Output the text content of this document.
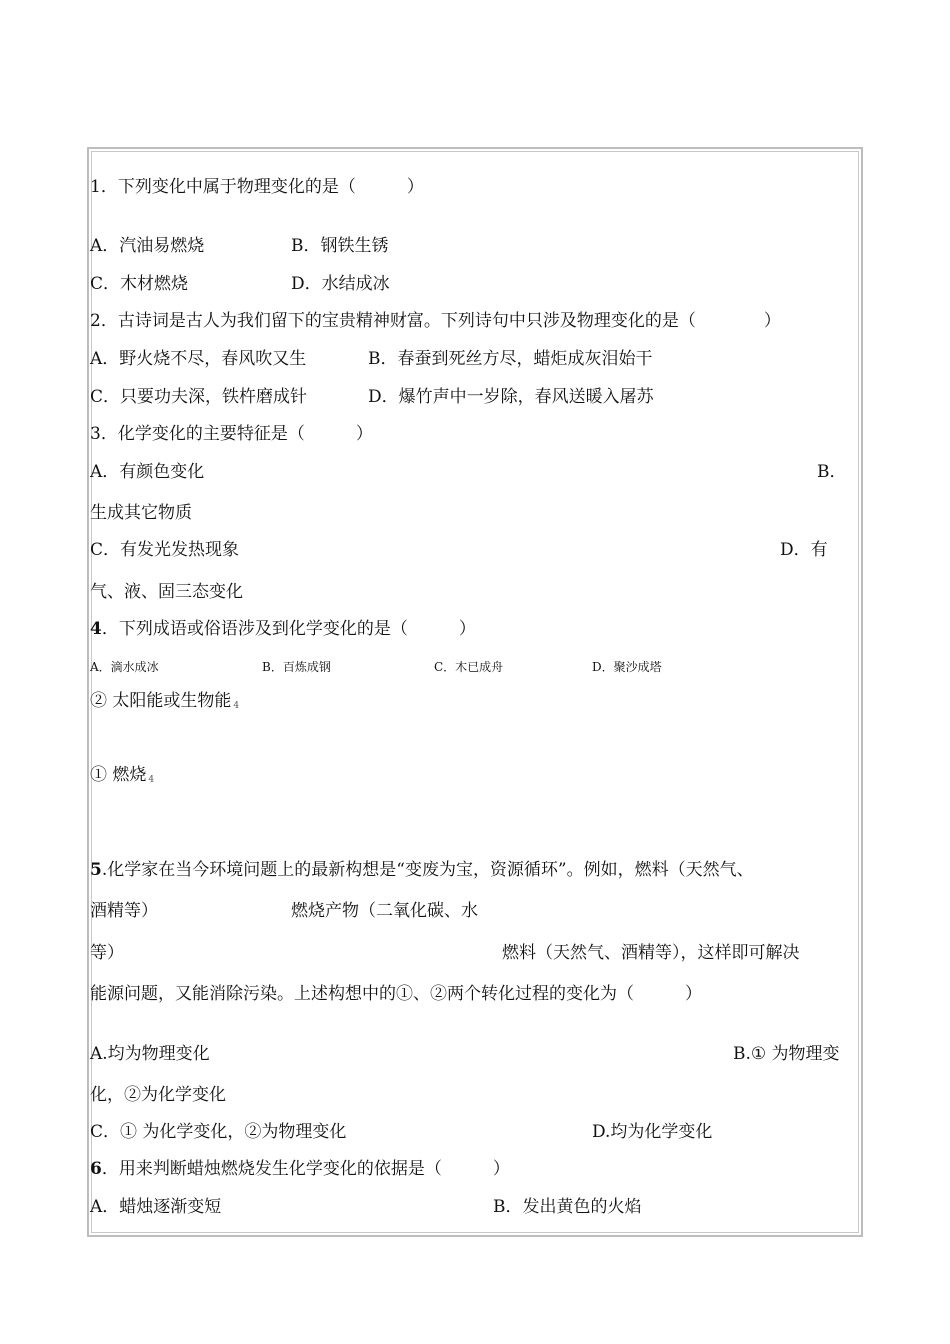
1．下列变化中属于物理变化的是（　　　）
A．汽油易燃烧	B．钢铁生锈
C．木材燃烧	D．水结成冰
2．古诗词是古人为我们留下的宝贵精神财富。下列诗句中只涉及物理变化的是（　　　　）
A．野火烧不尽，春风吹又生	B．春蚕到死丝方尽，蜡炬成灰泪始干
C．只要功夫深，铁杵磨成针	D．爆竹声中一岁除，春风送暖入屠苏
3．化学变化的主要特征是（　　　）
A．有颜色变化	B．
生成其它物质
C．有发光发热现象	D．有
气、液、固三态变化
4．下列成语或俗语涉及到化学变化的是（　　　）
A．滴水成冰	B．百炼成钢	C．木已成舟	D．聚沙成塔
② 太阳能或生物能 $_4$
① 燃烧 $_4$
5.化学家在当今环境问题上的最新构想是“变废为宝，资源循环”。例如，燃料（天然气、
酒精等）	燃烧产物（二氧化碳、水
等）	燃料（天然气、酒精等），这样即可解决
能源问题，又能消除污染。上述构想中的①、②两个转化过程的变化为（　　　）
A.均为物理变化	B.① 为物理变
化，②为化学变化
C．① 为化学变化，②为物理变化	D.均为化学变化
6．用来判断蜡烛燃烧发生化学变化的依据是（　　　）
A．蜡烛逐渐变短	B．发出黄色的火焰
